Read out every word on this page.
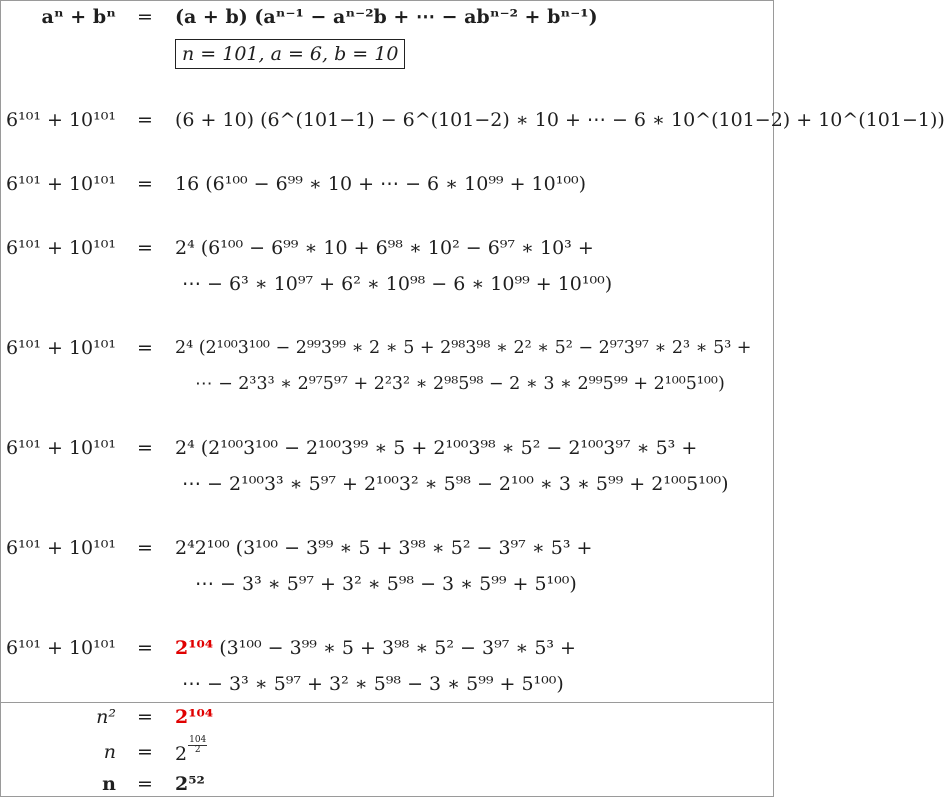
aⁿ + bⁿ = (a + b) (aⁿ⁻¹ − aⁿ⁻²b + ⋯ − abⁿ⁻² + bⁿ⁻¹)
n = 101, a = 6, b = 10
6¹⁰¹ + 10¹⁰¹ = (6 + 10) (6^(101−1) − 6^(101−2) ∗ 10 + ⋯ − 6 ∗ 10^(101−2) + 10^(101−1))
6¹⁰¹ + 10¹⁰¹ = 16 (6¹⁰⁰ − 6⁹⁹ ∗ 10 + ⋯ − 6 ∗ 10⁹⁹ + 10¹⁰⁰)
6¹⁰¹ + 10¹⁰¹ = 2⁴ (6¹⁰⁰ − 6⁹⁹ ∗ 10 + 6⁹⁸ ∗ 10² − 6⁹⁷ ∗ 10³ +
⋯ − 6³ ∗ 10⁹⁷ + 6² ∗ 10⁹⁸ − 6 ∗ 10⁹⁹ + 10¹⁰⁰)
6¹⁰¹ + 10¹⁰¹ = 2⁴ (2¹⁰⁰3¹⁰⁰ − 2⁹⁹3⁹⁹ ∗ 2 ∗ 5 + 2⁹⁸3⁹⁸ ∗ 2² ∗ 5² − 2⁹⁷3⁹⁷ ∗ 2³ ∗ 5³ +
⋯ − 2³3³ ∗ 2⁹⁷5⁹⁷ + 2²3² ∗ 2⁹⁸5⁹⁸ − 2 ∗ 3 ∗ 2⁹⁹5⁹⁹ + 2¹⁰⁰5¹⁰⁰)
6¹⁰¹ + 10¹⁰¹ = 2⁴ (2¹⁰⁰3¹⁰⁰ − 2¹⁰⁰3⁹⁹ ∗ 5 + 2¹⁰⁰3⁹⁸ ∗ 5² − 2¹⁰⁰3⁹⁷ ∗ 5³ +
⋯ − 2¹⁰⁰3³ ∗ 5⁹⁷ + 2¹⁰⁰3² ∗ 5⁹⁸ − 2¹⁰⁰ ∗ 3 ∗ 5⁹⁹ + 2¹⁰⁰5¹⁰⁰)
6¹⁰¹ + 10¹⁰¹ = 2⁴2¹⁰⁰ (3¹⁰⁰ − 3⁹⁹ ∗ 5 + 3⁹⁸ ∗ 5² − 3⁹⁷ ∗ 5³ +
⋯ − 3³ ∗ 5⁹⁷ + 3² ∗ 5⁹⁸ − 3 ∗ 5⁹⁹ + 5¹⁰⁰)
6¹⁰¹ + 10¹⁰¹ = 2¹⁰⁴ (3¹⁰⁰ − 3⁹⁹ ∗ 5 + 3⁹⁸ ∗ 5² − 3⁹⁷ ∗ 5³ +
⋯ − 3³ ∗ 5⁹⁷ + 3² ∗ 5⁹⁸ − 3 ∗ 5⁹⁹ + 5¹⁰⁰)
n² = 2¹⁰⁴
$n = 2 \frac{104}{2}$
n = 2⁵²
